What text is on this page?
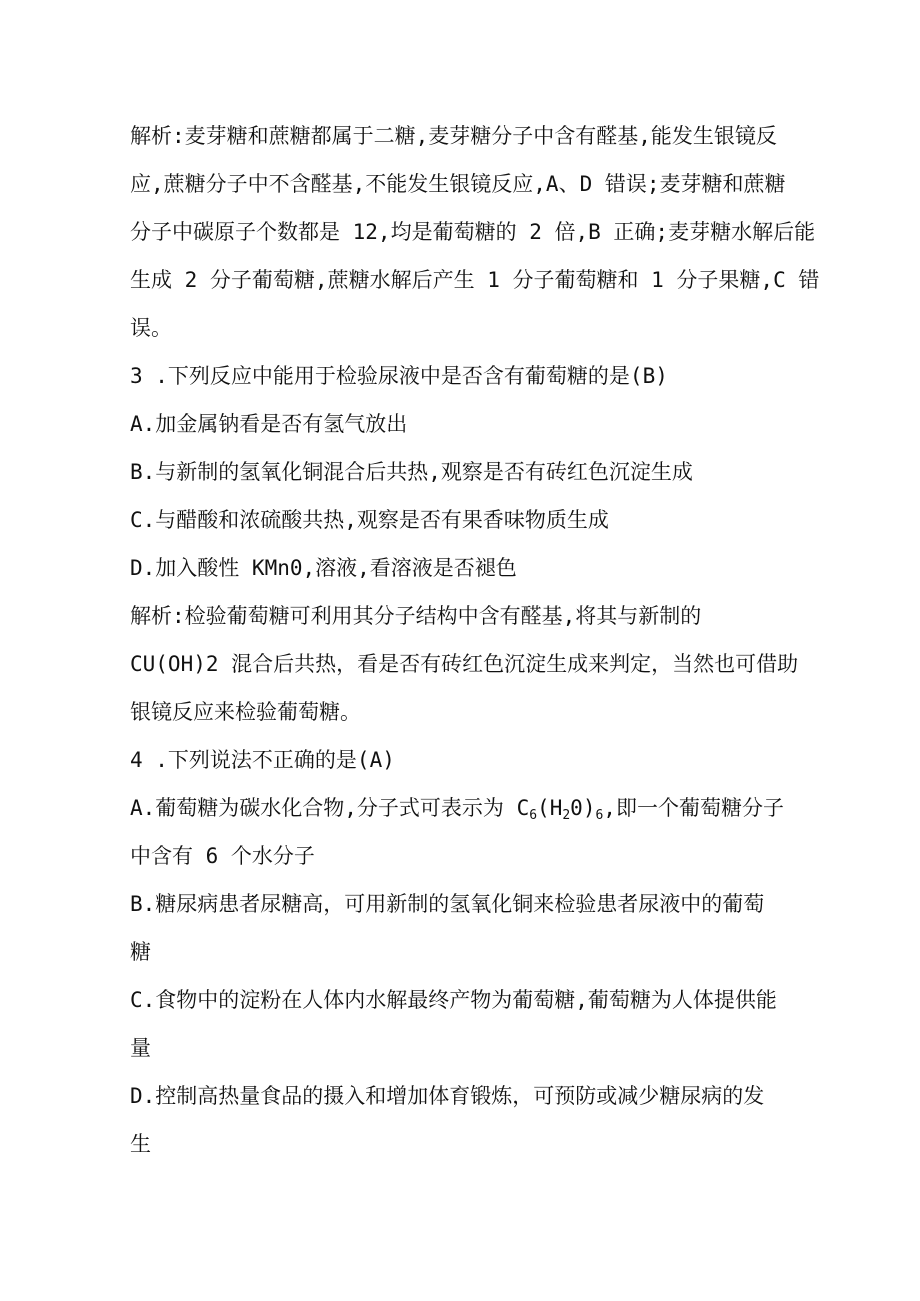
解析:麦芽糖和蔗糖都属于二糖,麦芽糖分子中含有醛基,能发生银镜反
应,蔗糖分子中不含醛基,不能发生银镜反应,A、D 错误;麦芽糖和蔗糖
分子中碳原子个数都是 12,均是葡萄糖的 2 倍,B 正确;麦芽糖水解后能
生成 2 分子葡萄糖,蔗糖水解后产生 1 分子葡萄糖和 1 分子果糖,C 错
误。
3 .下列反应中能用于检验尿液中是否含有葡萄糖的是(B)
A.加金属钠看是否有氢气放出
B.与新制的氢氧化铜混合后共热,观察是否有砖红色沉淀生成
C.与醋酸和浓硫酸共热,观察是否有果香味物质生成
D.加入酸性 KMn0,溶液,看溶液是否褪色
解析:检验葡萄糖可利用其分子结构中含有醛基,将其与新制的
CU(OH)2 混合后共热，看是否有砖红色沉淀生成来判定，当然也可借助
银镜反应来检验葡萄糖。
4 .下列说法不正确的是(A)
A.葡萄糖为碳水化合物,分子式可表示为 $C_6(H_20)_6$,即一个葡萄糖分子
中含有 6 个水分子
B.糖尿病患者尿糖高，可用新制的氢氧化铜来检验患者尿液中的葡萄
糖
C.食物中的淀粉在人体内水解最终产物为葡萄糖,葡萄糖为人体提供能
量
D.控制高热量食品的摄入和增加体育锻炼，可预防或减少糖尿病的发
生
